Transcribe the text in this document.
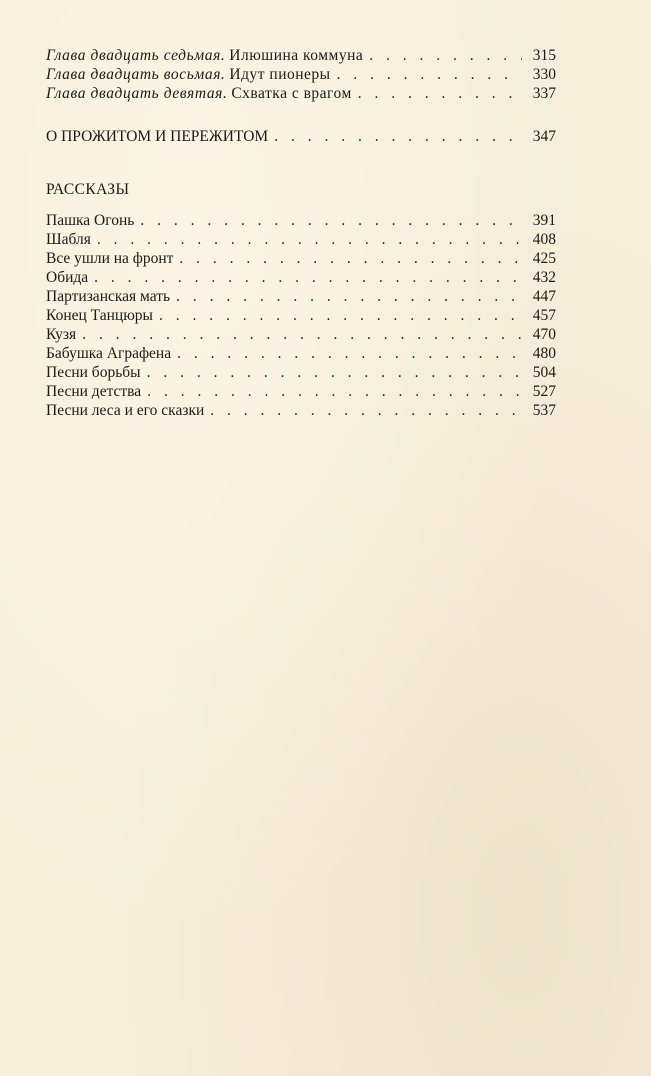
Глава двадцать седьмая. Илюшина коммуна . . .	315
Глава двадцать восьмая. Идут пионеры . . .	330
Глава двадцать девятая. Схватка с врагом . . .	337
О ПРОЖИТОМ И ПЕРЕЖИТОМ . . .	347
РАССКАЗЫ
Пашка Огонь . . .	391
Шабля . . .	408
Все ушли на фронт . . .	425
Обида . . .	432
Партизанская мать . . .	447
Конец Танцюры . . .	457
Кузя . . .	470
Бабушка Аграфена . . .	480
Песни борьбы . . .	504
Песни детства . . .	527
Песни леса и его сказки . . .	537
